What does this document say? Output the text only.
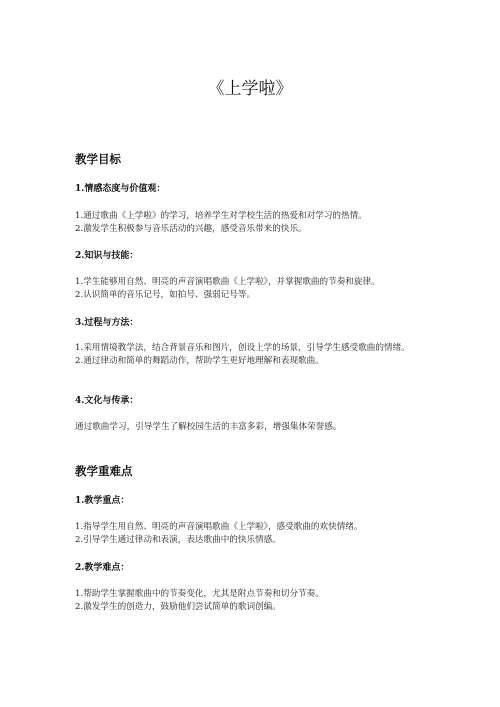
《上学啦》
教学目标
1.情感态度与价值观：
1.通过歌曲《上学啦》的学习，培养学生对学校生活的热爱和对学习的热情。
2.激发学生积极参与音乐活动的兴趣，感受音乐带来的快乐。
2.知识与技能：
1.学生能够用自然、明亮的声音演唱歌曲《上学啦》，并掌握歌曲的节奏和旋律。
2.认识简单的音乐记号，如拍号、强弱记号等。
3.过程与方法：
1.采用情境教学法，结合背景音乐和图片，创设上学的场景，引导学生感受歌曲的情绪。
2.通过律动和简单的舞蹈动作，帮助学生更好地理解和表现歌曲。
4.文化与传承：
通过歌曲学习，引导学生了解校园生活的丰富多彩，增强集体荣誉感。
教学重难点
1.教学重点：
1.指导学生用自然、明亮的声音演唱歌曲《上学啦》，感受歌曲的欢快情绪。
2.引导学生通过律动和表演，表达歌曲中的快乐情感。
2.教学难点：
1.帮助学生掌握歌曲中的节奏变化，尤其是附点节奏和切分节奏。
2.激发学生的创造力，鼓励他们尝试简单的歌词创编。
